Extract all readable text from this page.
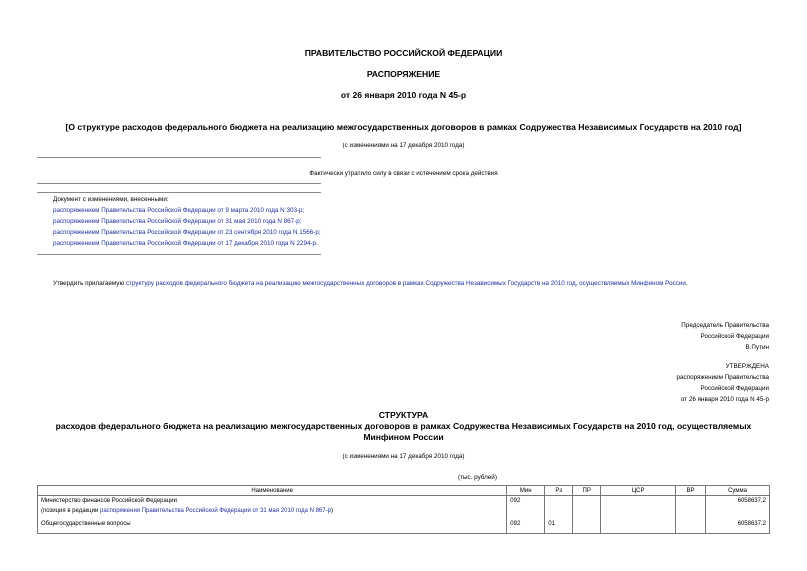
ПРАВИТЕЛЬСТВО РОССИЙСКОЙ ФЕДЕРАЦИИ
РАСПОРЯЖЕНИЕ
от 26 января 2010 года N 45-р
[О структуре расходов федерального бюджета на реализацию межгосударственных договоров в рамках Содружества Независимых Государств на 2010 год]
(с изменениями на 17 декабря 2010 года)
Фактически утратило силу в связи с истечением срока действия
Документ с изменениями, внесенными:
распоряжением Правительства Российской Федерации от 9 марта 2010 года N 303-р;
распоряжением Правительства Российской Федерации от 31 мая 2010 года N 867-р;
распоряжением Правительства Российской Федерации от 23 сентября 2010 года N 1566-р;
распоряжением Правительства Российской Федерации от 17 декабря 2010 года N 2294-р.
Утвердить прилагаемую структуру расходов федерального бюджета на реализацию межгосударственных договоров в рамках Содружества Независимых Государств на 2010 год, осуществляемых Минфином России.
Председатель Правительства
Российской Федерации
В.Путин
УТВЕРЖДЕНА
распоряжением Правительства
Российской Федерации
от 26 января 2010 года N 45-р
СТРУКТУРА
расходов федерального бюджета на реализацию межгосударственных договоров в рамках Содружества Независимых Государств на 2010 год, осуществляемых Минфином России
(с изменениями на 17 декабря 2010 года)
(тыс. рублей)
Наименование	Мин	Рз	ПР	ЦСР	ВР	Сумма
Министерство финансов Российской Федерации	092					6058637,2
(позиция в редакции распоряжения Правительства Российской Федерации от 31 мая 2010 года N 867-р)						
Общегосударственные вопросы	092	01				6058637,2
